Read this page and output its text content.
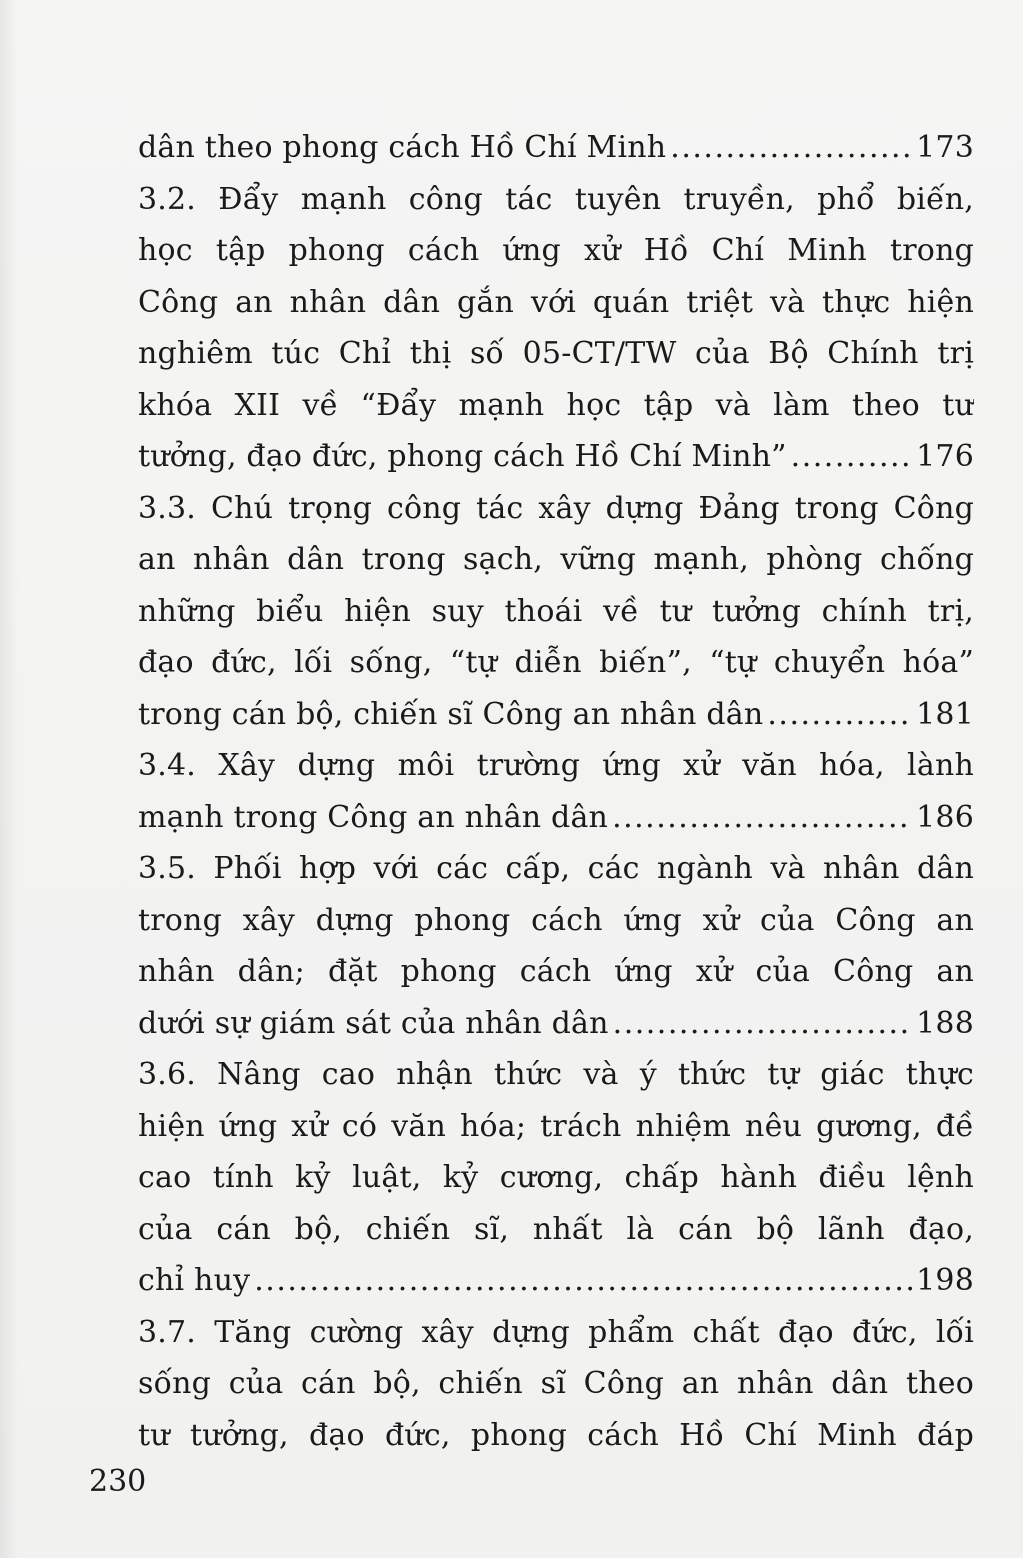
dân theo phong cách Hồ Chí Minh .....	173
3.2. Đẩy mạnh công tác tuyên truyền, phổ biến,
học tập phong cách ứng xử Hồ Chí Minh trong
Công an nhân dân gắn với quán triệt và thực hiện
nghiêm túc Chỉ thị số 05-CT/TW của Bộ Chính trị
khóa XII về “Đẩy mạnh học tập và làm theo tư
tưởng, đạo đức, phong cách Hồ Chí Minh” .....	176
3.3. Chú trọng công tác xây dựng Đảng trong Công
an nhân dân trong sạch, vững mạnh, phòng chống
những biểu hiện suy thoái về tư tưởng chính trị,
đạo đức, lối sống, “tự diễn biến”, “tự chuyển hóa”
trong cán bộ, chiến sĩ Công an nhân dân .....	181
3.4. Xây dựng môi trường ứng xử văn hóa, lành
mạnh trong Công an nhân dân .....	186
3.5. Phối hợp với các cấp, các ngành và nhân dân
trong xây dựng phong cách ứng xử của Công an
nhân dân; đặt phong cách ứng xử của Công an
dưới sự giám sát của nhân dân .....	188
3.6. Nâng cao nhận thức và ý thức tự giác thực
hiện ứng xử có văn hóa; trách nhiệm nêu gương, đề
cao tính kỷ luật, kỷ cương, chấp hành điều lệnh
của cán bộ, chiến sĩ, nhất là cán bộ lãnh đạo,
chỉ huy .....	198
3.7. Tăng cường xây dựng phẩm chất đạo đức, lối
sống của cán bộ, chiến sĩ Công an nhân dân theo
tư tưởng, đạo đức, phong cách Hồ Chí Minh đáp
230
